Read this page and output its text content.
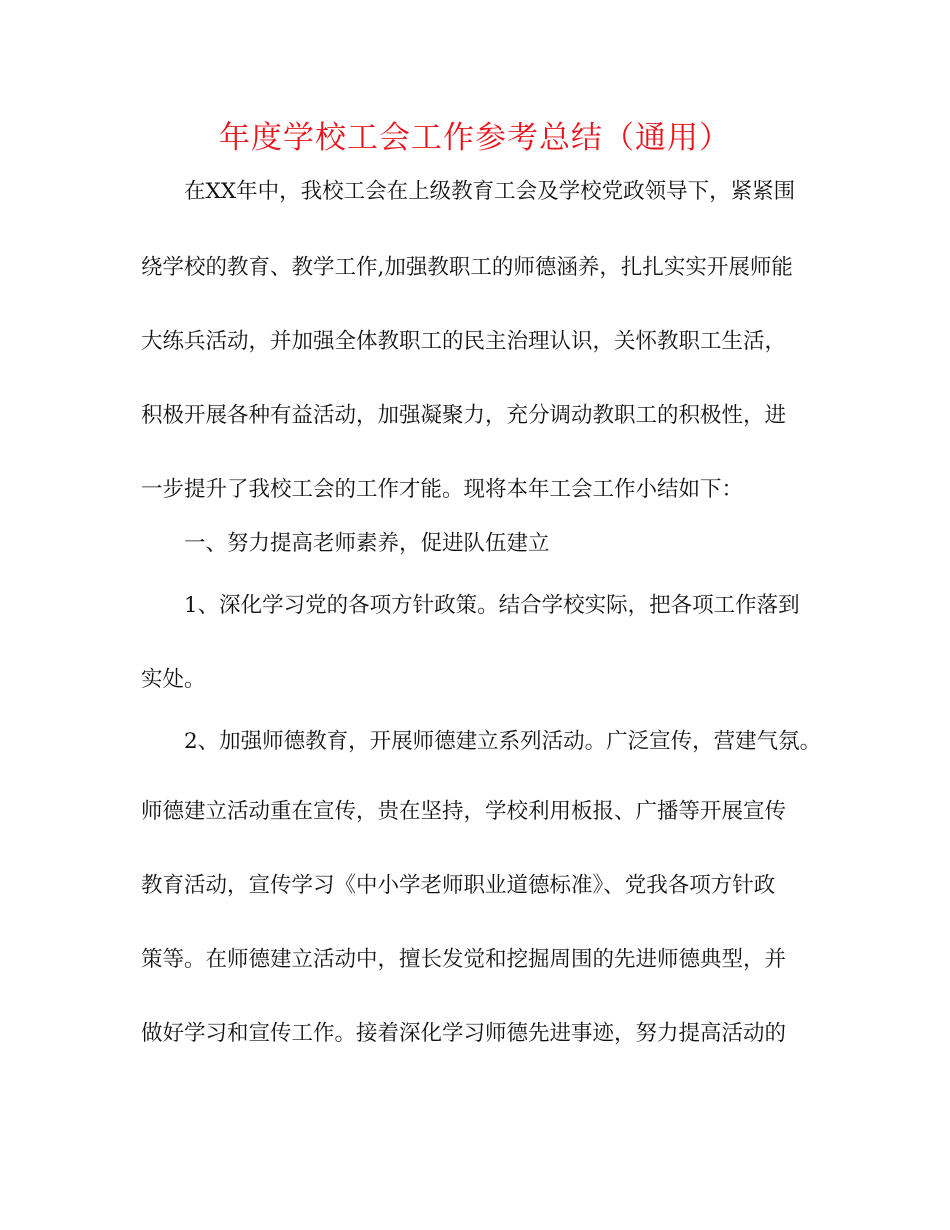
年度学校工会工作参考总结（通用）
在XX年中，我校工会在上级教育工会及学校党政领导下，紧紧围
绕学校的教育、教学工作,加强教职工的师德涵养，扎扎实实开展师能
大练兵活动，并加强全体教职工的民主治理认识，关怀教职工生活，
积极开展各种有益活动，加强凝聚力，充分调动教职工的积极性，进
一步提升了我校工会的工作才能。现将本年工会工作小结如下：
一、努力提高老师素养，促进队伍建立
1、深化学习党的各项方针政策。结合学校实际，把各项工作落到
实处。
2、加强师德教育，开展师德建立系列活动。广泛宣传，营建气氛。
师德建立活动重在宣传，贵在坚持，学校利用板报、广播等开展宣传
教育活动，宣传学习《中小学老师职业道德标准》、党我各项方针政
策等。在师德建立活动中，擅长发觉和挖掘周围的先进师德典型，并
做好学习和宣传工作。接着深化学习师德先进事迹，努力提高活动的
